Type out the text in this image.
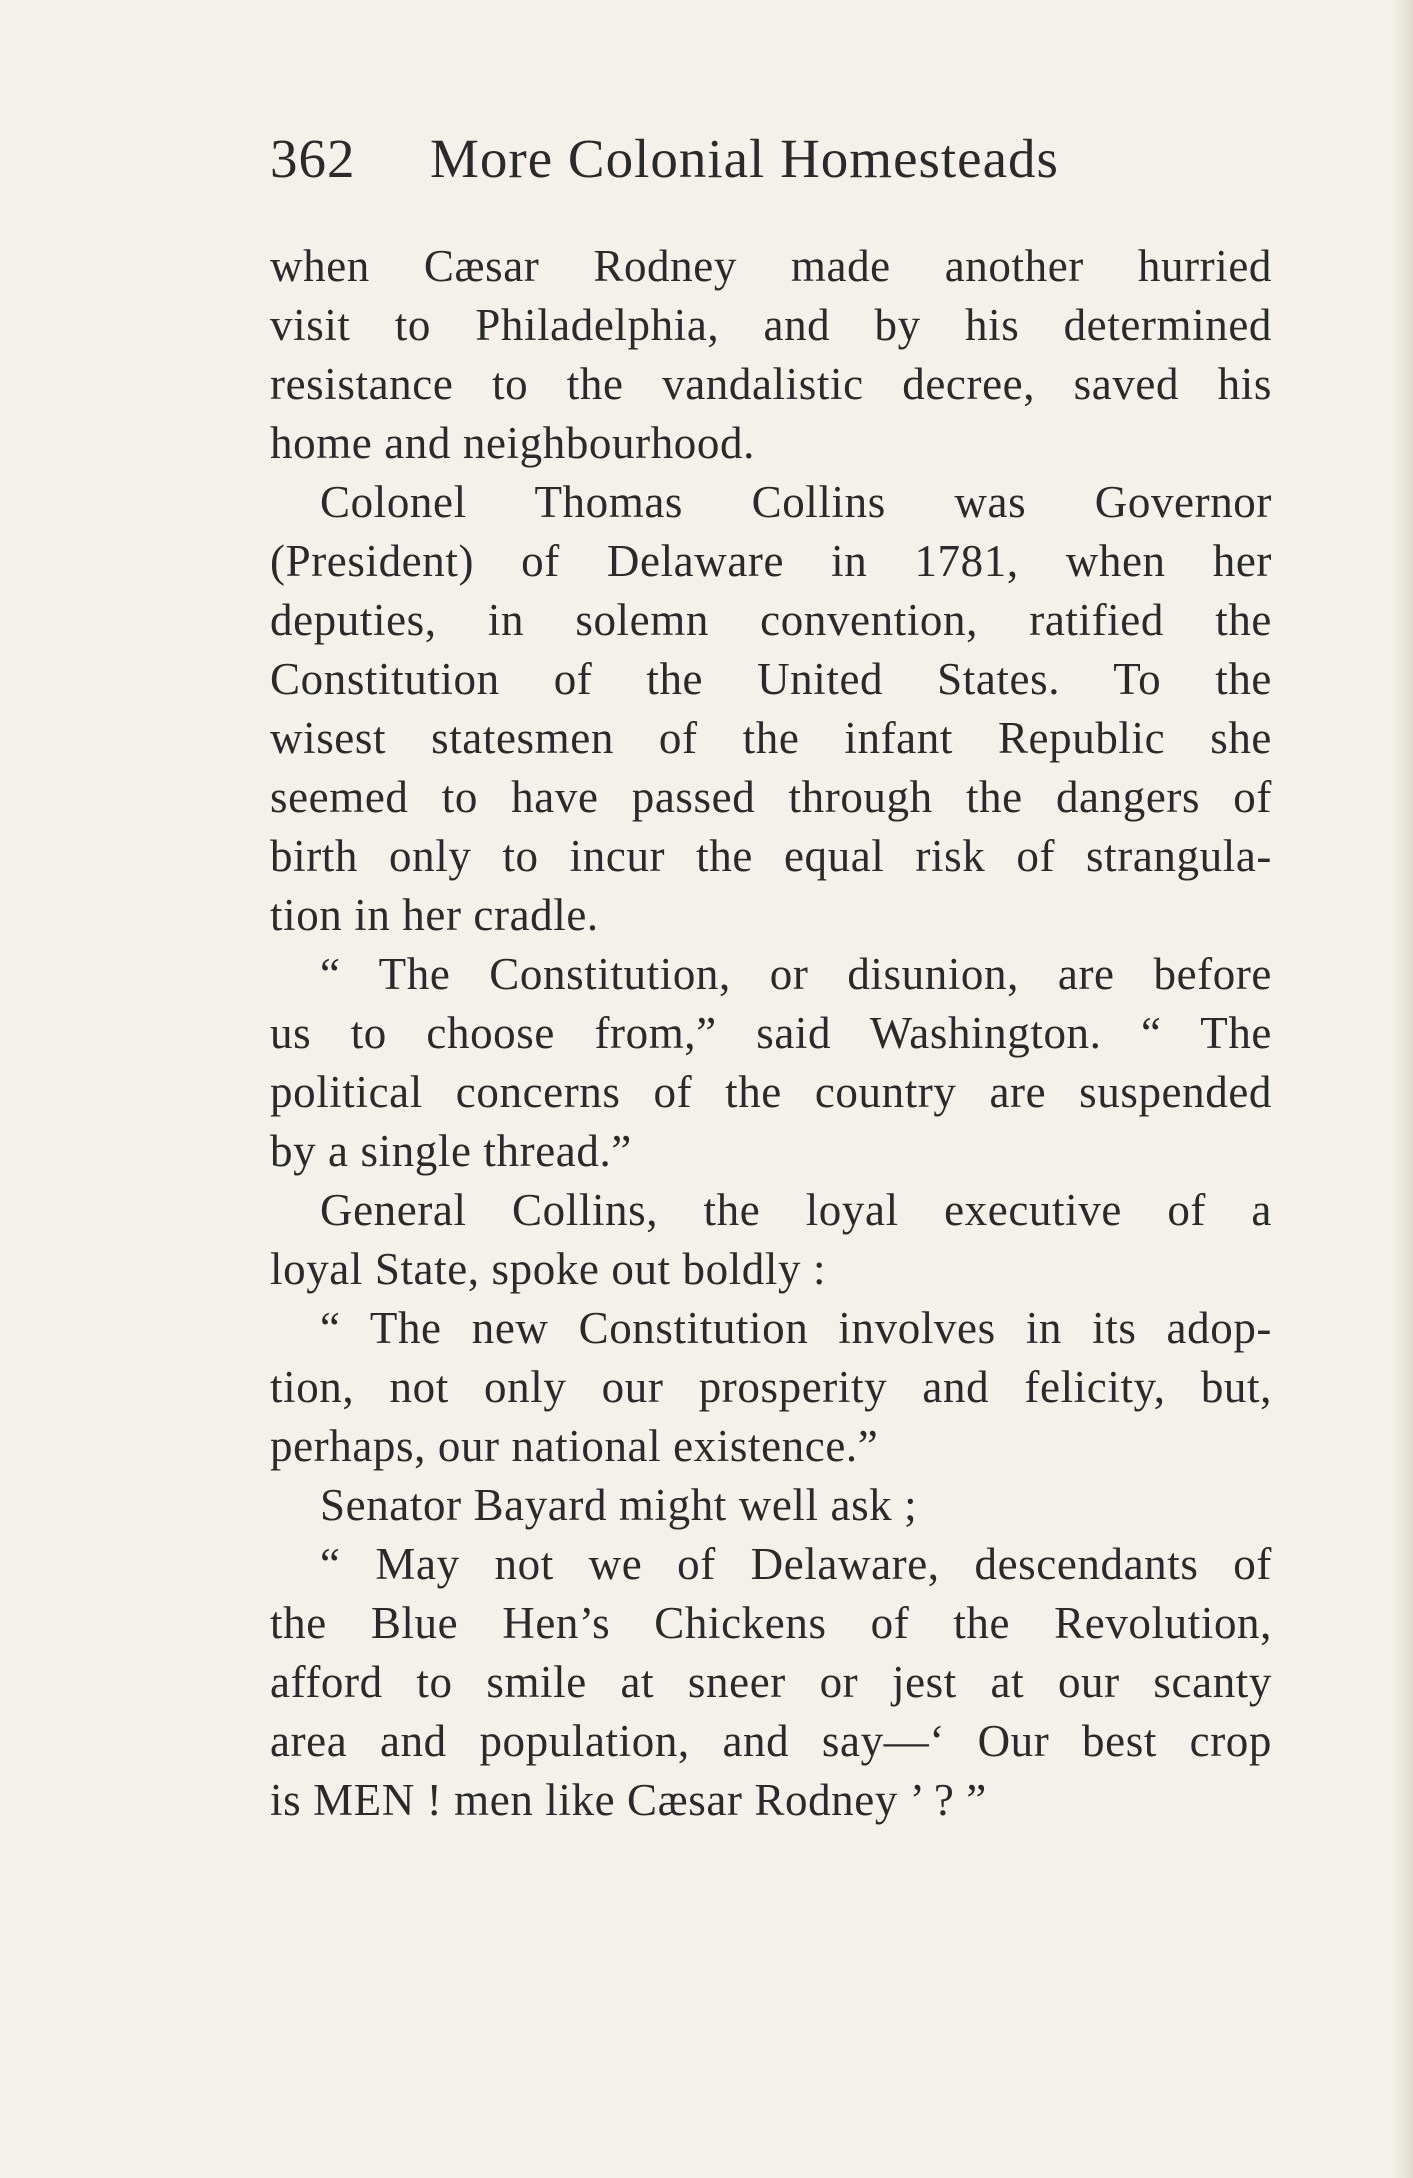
362 More Colonial Homesteads
when Cæsar Rodney made another hurried
visit to Philadelphia, and by his determined
resistance to the vandalistic decree, saved his
home and neighbourhood.
Colonel Thomas Collins was Governor
(President) of Delaware in 1781, when her
deputies, in solemn convention, ratified the
Constitution of the United States. To the
wisest statesmen of the infant Republic she
seemed to have passed through the dangers of
birth only to incur the equal risk of strangula-
tion in her cradle.
“ The Constitution, or disunion, are before
us to choose from,” said Washington. “ The
political concerns of the country are suspended
by a single thread.”
General Collins, the loyal executive of a
loyal State, spoke out boldly :
“ The new Constitution involves in its adop-
tion, not only our prosperity and felicity, but,
perhaps, our national existence.”
Senator Bayard might well ask ;
“ May not we of Delaware, descendants of
the Blue Hen’s Chickens of the Revolution,
afford to smile at sneer or jest at our scanty
area and population, and say—‘ Our best crop
is MEN ! men like Cæsar Rodney ’ ? ”
